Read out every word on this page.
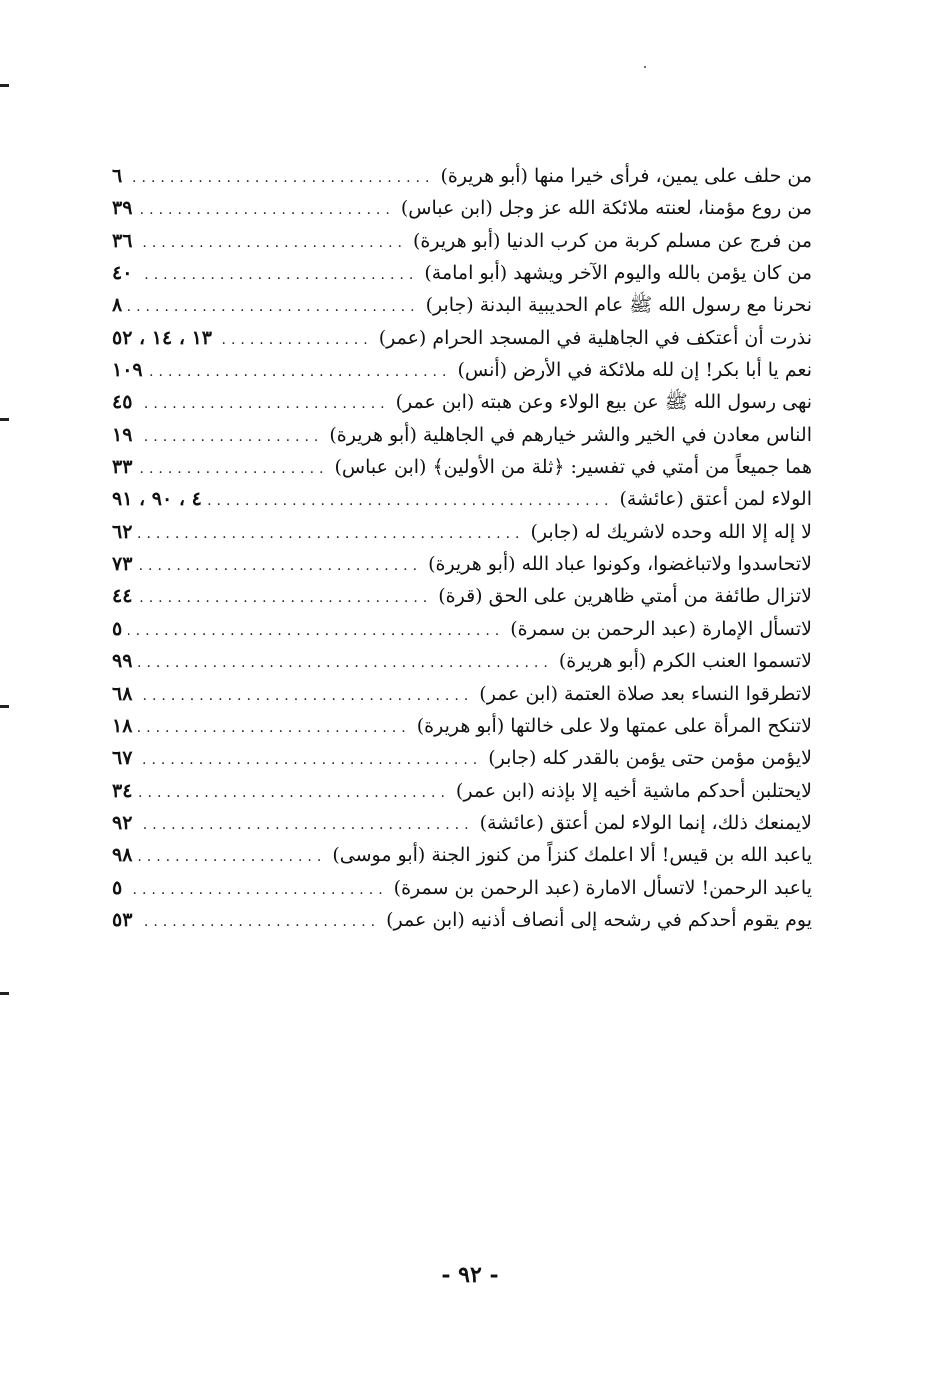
من حلف على يمين، فرأى خيرا منها
(أبو هريرة)
.....
٦
من روع مؤمنا، لعنته ملائكة الله عز وجل
(ابن عباس)
.....
٣٩
من فرج عن مسلم كربة من كرب الدنيا
(أبو هريرة)
.....
٣٦
من كان يؤمن بالله واليوم الآخر ويشهد
(أبو امامة)
.....
٤٠
نحرنا مع رسول الله ﷺ عام الحديبية البدنة
(جابر)
.....
٨
نذرت أن أعتكف في الجاهلية في المسجد الحرام
(عمر)
.....
١٣ ، ١٤ ، ٥٢
نعم يا أبا بكر! إن لله ملائكة في الأرض
(أنس)
.....
١٠٩
نهى رسول الله ﷺ عن بيع الولاء وعن هبته
(ابن عمر)
.....
٤٥
الناس معادن في الخير والشر خيارهم في الجاهلية
(أبو هريرة)
.....
١٩
هما جميعاً من أمتي في تفسير: ﴿ثلة من الأولين﴾
(ابن عباس)
.....
٣٣
الولاء لمن أعتق
(عائشة)
.....
٤ ، ٩٠ ، ٩١
لا إله إلا الله وحده لاشريك له
(جابر)
.....
٦٢
لاتحاسدوا ولاتباغضوا، وكونوا عباد الله
(أبو هريرة)
.....
٧٣
لاتزال طائفة من أمتي ظاهرين على الحق
(قرة)
.....
٤٤
لاتسأل الإمارة
(عبد الرحمن بن سمرة)
.....
٥
لاتسموا العنب الكرم
(أبو هريرة)
.....
٩٩
لاتطرقوا النساء بعد صلاة العتمة
(ابن عمر)
.....
٦٨
لاتنكح المرأة على عمتها ولا على خالتها
(أبو هريرة)
.....
١٨
لايؤمن مؤمن حتى يؤمن بالقدر كله
(جابر)
.....
٦٧
لايحتلبن أحدكم ماشية أخيه إلا بإذنه
(ابن عمر)
.....
٣٤
لايمنعك ذلك، إنما الولاء لمن أعتق
(عائشة)
.....
٩٢
ياعبد الله بن قيس! ألا اعلمك كنزاً من كنوز الجنة
(أبو موسى)
.....
٩٨
ياعبد الرحمن! لاتسأل الامارة
(عبد الرحمن بن سمرة)
.....
٥
يوم يقوم أحدكم في رشحه إلى أنصاف أذنيه
(ابن عمر)
.....
٥٣
- ٩٢ -
